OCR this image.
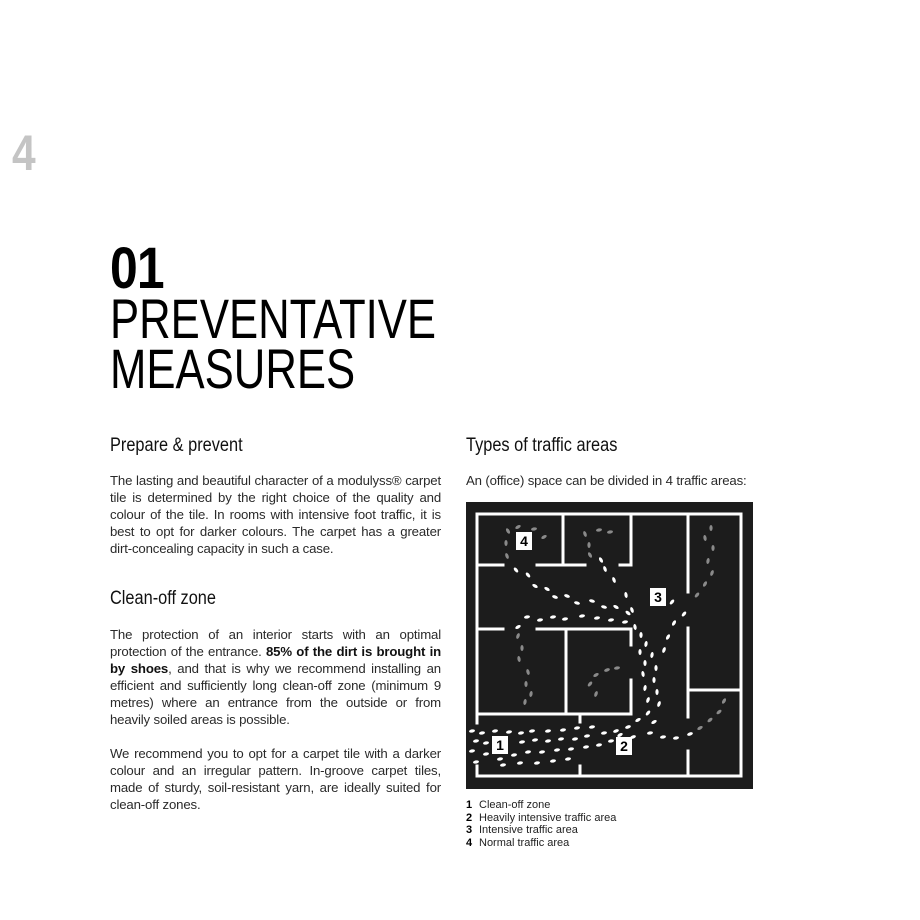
4
01
PREVENTATIVE
MEASURES
Prepare & prevent

The lasting and beautiful character of a modulyss® carpet tile is determined by the right choice of the quality and colour of the tile. In rooms with intensive foot traffic, it is best to opt for darker colours. The carpet has a greater dirt-concealing capacity in such a case.

Clean-off zone

The protection of an interior starts with an optimal protection of the entrance. 85% of the dirt is brought in by shoes, and that is why we recommend installing an efficient and sufficiently long clean-off zone (minimum 9 metres) where an entrance from the outside or from heavily soiled areas is possible.

We recommend you to opt for a carpet tile with a darker colour and an irregular pattern. In-groove carpet tiles, made of sturdy, soil-resistant yarn, are ideally suited for clean-off zones.

Types of traffic areas

An (office) space can be divided in 4 traffic areas:

4
3
1	2
1 Clean-off zone
2 Heavily intensive traffic area
3 Intensive traffic area
4 Normal traffic area
